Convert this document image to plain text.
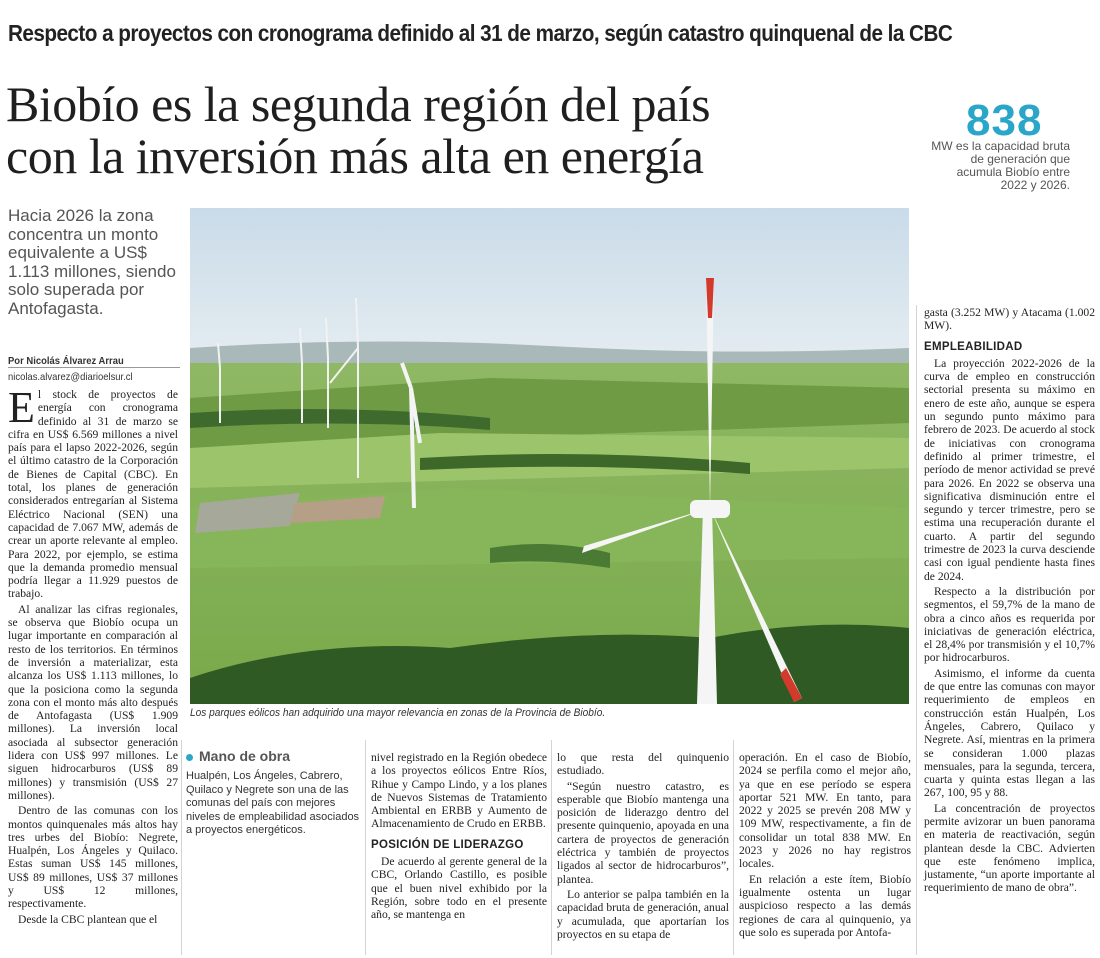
Respecto a proyectos con cronograma definido al 31 de marzo, según catastro quinquenal de la CBC
Biobío es la segunda región del país
con la inversión más alta en energía
838
MW es la capacidad bruta de generación que acumula Biobío entre 2022 y 2026.
Hacia 2026 la zona concentra un monto equivalente a US$ 1.113 millones, siendo solo superada por Antofagasta.
Por Nicolás Álvarez Arrau
nicolas.alvarez@diarioelsur.cl
Los parques eólicos han adquirido una mayor relevancia en zonas de la Provincia de Biobío.

El stock de proyectos de energía con cronograma definido al 31 de marzo se cifra en US$ 6.569 millones a nivel país para el lapso 2022-2026, según el último catastro de la Corporación de Bienes de Capital (CBC). En total, los planes de generación considerados entregarían al Sistema Eléctrico Nacional (SEN) una capacidad de 7.067 MW, además de crear un aporte relevante al empleo. Para 2022, por ejemplo, se estima que la demanda promedio mensual podría llegar a 11.929 puestos de trabajo.

Al analizar las cifras regionales, se observa que Biobío ocupa un lugar importante en comparación al resto de los territorios. En términos de inversión a materializar, esta alcanza los US$ 1.113 millones, lo que la posiciona como la segunda zona con el monto más alto después de Antofagasta (US$ 1.909 millones). La inversión local asociada al subsector generación lidera con US$ 997 millones. Le siguen hidrocarburos (US$ 89 millones) y transmisión (US$ 27 millones).

Dentro de las comunas con los montos quinquenales más altos hay tres urbes del Biobío: Negrete, Hualpén, Los Ángeles y Quilaco. Estas suman US$ 145 millones, US$ 89 millones, US$ 37 millones y US$ 12 millones, respectivamente.

Desde la CBC plantean que el

Mano de obra
Hualpén, Los Ángeles, Cabrero, Quilaco y Negrete son una de las comunas del país con mejores niveles de empleabilidad asociados a proyectos energéticos.

nivel registrado en la Región obedece a los proyectos eólicos Entre Ríos, Rihue y Campo Lindo, y a los planes de Nuevos Sistemas de Tratamiento Ambiental en ERBB y Aumento de Almacenamiento de Crudo en ERBB.

POSICIÓN DE LIDERAZGO

De acuerdo al gerente general de la CBC, Orlando Castillo, es posible que el buen nivel exhibido por la Región, sobre todo en el presente año, se mantenga en

lo que resta del quinquenio estudiado.

“Según nuestro catastro, es esperable que Biobío mantenga una posición de liderazgo dentro del presente quinquenio, apoyada en una cartera de proyectos de generación eléctrica y también de proyectos ligados al sector de hidrocarburos”, plantea.

Lo anterior se palpa también en la capacidad bruta de generación, anual y acumulada, que aportarían los proyectos en su etapa de

operación. En el caso de Biobío, 2024 se perfila como el mejor año, ya que en ese período se espera aportar 521 MW. En tanto, para 2022 y 2025 se prevén 208 MW y 109 MW, respectivamente, a fin de consolidar un total 838 MW. En 2023 y 2026 no hay registros locales.

En relación a este ítem, Biobío igualmente ostenta un lugar auspicioso respecto a las demás regiones de cara al quinquenio, ya que solo es superada por Antofa-

gasta (3.252 MW) y Atacama (1.002 MW).

EMPLEABILIDAD

La proyección 2022-2026 de la curva de empleo en construcción sectorial presenta su máximo en enero de este año, aunque se espera un segundo punto máximo para febrero de 2023. De acuerdo al stock de iniciativas con cronograma definido al primer trimestre, el período de menor actividad se prevé para 2026. En 2022 se observa una significativa disminución entre el segundo y tercer trimestre, pero se estima una recuperación durante el cuarto. A partir del segundo trimestre de 2023 la curva desciende casi con igual pendiente hasta fines de 2024.

Respecto a la distribución por segmentos, el 59,7% de la mano de obra a cinco años es requerida por iniciativas de generación eléctrica, el 28,4% por transmisión y el 10,7% por hidrocarburos.

Asimismo, el informe da cuenta de que entre las comunas con mayor requerimiento de empleos en construcción están Hualpén, Los Ángeles, Cabrero, Quilaco y Negrete. Así, mientras en la primera se consideran 1.000 plazas mensuales, para la segunda, tercera, cuarta y quinta estas llegan a las 267, 100, 95 y 88.

La concentración de proyectos permite avizorar un buen panorama en materia de reactivación, según plantean desde la CBC. Advierten que este fenómeno implica, justamente, “un aporte importante al requerimiento de mano de obra”.
